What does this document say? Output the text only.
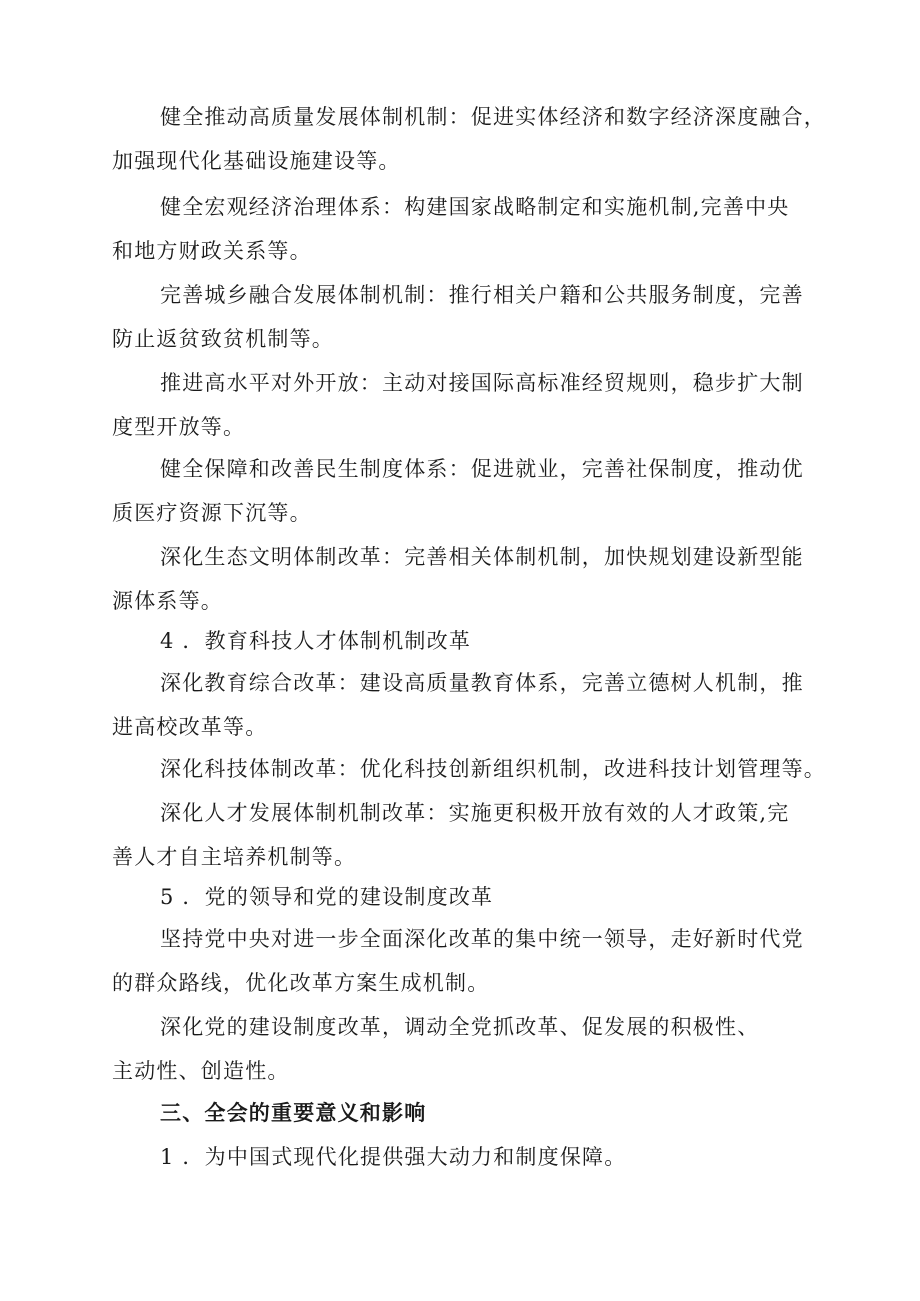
健全推动高质量发展体制机制：促进实体经济和数字经济深度融合，
加强现代化基础设施建设等。
健全宏观经济治理体系：构建国家战略制定和实施机制,完善中央
和地方财政关系等。
完善城乡融合发展体制机制：推行相关户籍和公共服务制度，完善
防止返贫致贫机制等。
推进高水平对外开放：主动对接国际高标准经贸规则，稳步扩大制
度型开放等。
健全保障和改善民生制度体系：促进就业，完善社保制度，推动优
质医疗资源下沉等。
深化生态文明体制改革：完善相关体制机制，加快规划建设新型能
源体系等。
4 ．教育科技人才体制机制改革
深化教育综合改革：建设高质量教育体系，完善立德树人机制，推
进高校改革等。
深化科技体制改革：优化科技创新组织机制，改进科技计划管理等。
深化人才发展体制机制改革：实施更积极开放有效的人才政策,完
善人才自主培养机制等。
5 ．党的领导和党的建设制度改革
坚持党中央对进一步全面深化改革的集中统一领导，走好新时代党
的群众路线，优化改革方案生成机制。
深化党的建设制度改革，调动全党抓改革、促发展的积极性、
主动性、创造性。
三、全会的重要意义和影响
1 ．为中国式现代化提供强大动力和制度保障。
